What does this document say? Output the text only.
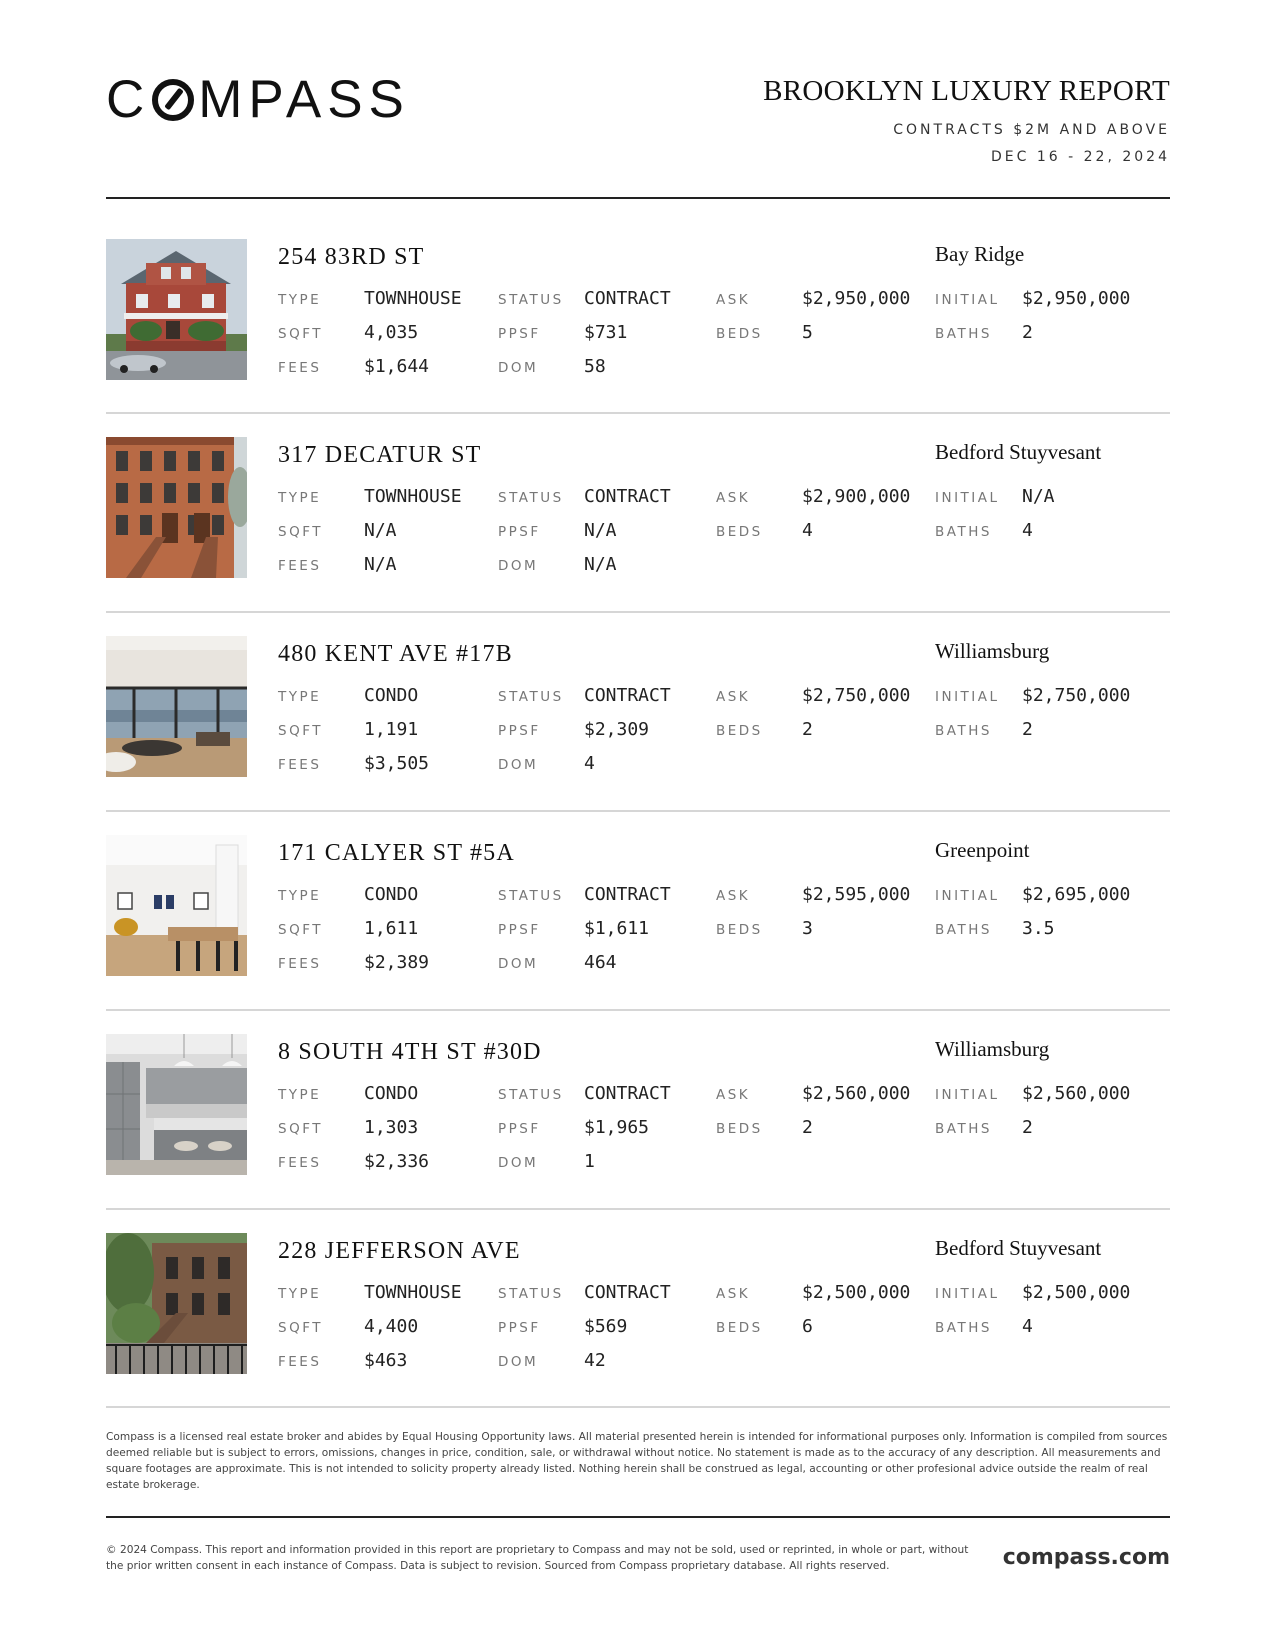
C MPASS	BROOKLYN LUXURY REPORT
CONTRACTS $2M AND ABOVE
DEC 16 - 22, 2024
254 83RD ST	Bay Ridge
TYPE TOWNHOUSE	STATUS CONTRACT	ASK	$2,950,000 INITIAL $2,950,000
SQFT 4,035	PPSF $731	BEDS 5	BATHS 2
FEES $1,644	DOM	58
317 DECATUR ST	Bedford Stuyvesant
TYPE TOWNHOUSE	STATUS CONTRACT	ASK	$2,900,000 INITIAL N/A
SQFT N/A	PPSF N/A	BEDS 4	BATHS 4
FEES N/A	DOM	N/A
480 KENT AVE #17B	Williamsburg
TYPE CONDO	STATUS CONTRACT	ASK	$2,750,000 INITIAL $2,750,000
SQFT 1,191	PPSF $2,309	BEDS 2	BATHS 2
FEES $3,505	DOM	4
171 CALYER ST #5A	Greenpoint
TYPE CONDO	STATUS CONTRACT	ASK	$2,595,000 INITIAL $2,695,000
SQFT 1,611	PPSF $1,611	BEDS 3	BATHS 3.5
FEES $2,389	DOM	464
8 SOUTH 4TH ST #30D	Williamsburg
TYPE CONDO	STATUS CONTRACT	ASK	$2,560,000 INITIAL $2,560,000
SQFT 1,303	PPSF $1,965	BEDS 2	BATHS 2
FEES $2,336	DOM	1
228 JEFFERSON AVE	Bedford Stuyvesant
TYPE TOWNHOUSE	STATUS CONTRACT	ASK	$2,500,000 INITIAL $2,500,000
SQFT 4,400	PPSF $569	BEDS 6	BATHS 4
FEES $463	DOM	42
Compass is a licensed real estate broker and abides by Equal Housing Opportunity laws. All material presented herein is intended for informational purposes only. Information is compiled from sources deemed reliable but is subject to errors, omissions, changes in price, condition, sale, or withdrawal without notice. No statement is made as to the accuracy of any description. All measurements and square footages are approximate. This is not intended to solicity property already listed. Nothing herein shall be construed as legal, accounting or other profesional advice outside the realm of real estate brokerage.
© 2024 Compass. This report and information provided in this report are proprietary to Compass and may not be sold, used or reprinted, in whole or part, without the prior written consent in each instance of Compass. Data is subject to revision. Sourced from Compass proprietary database. All rights reserved.	compass.com
